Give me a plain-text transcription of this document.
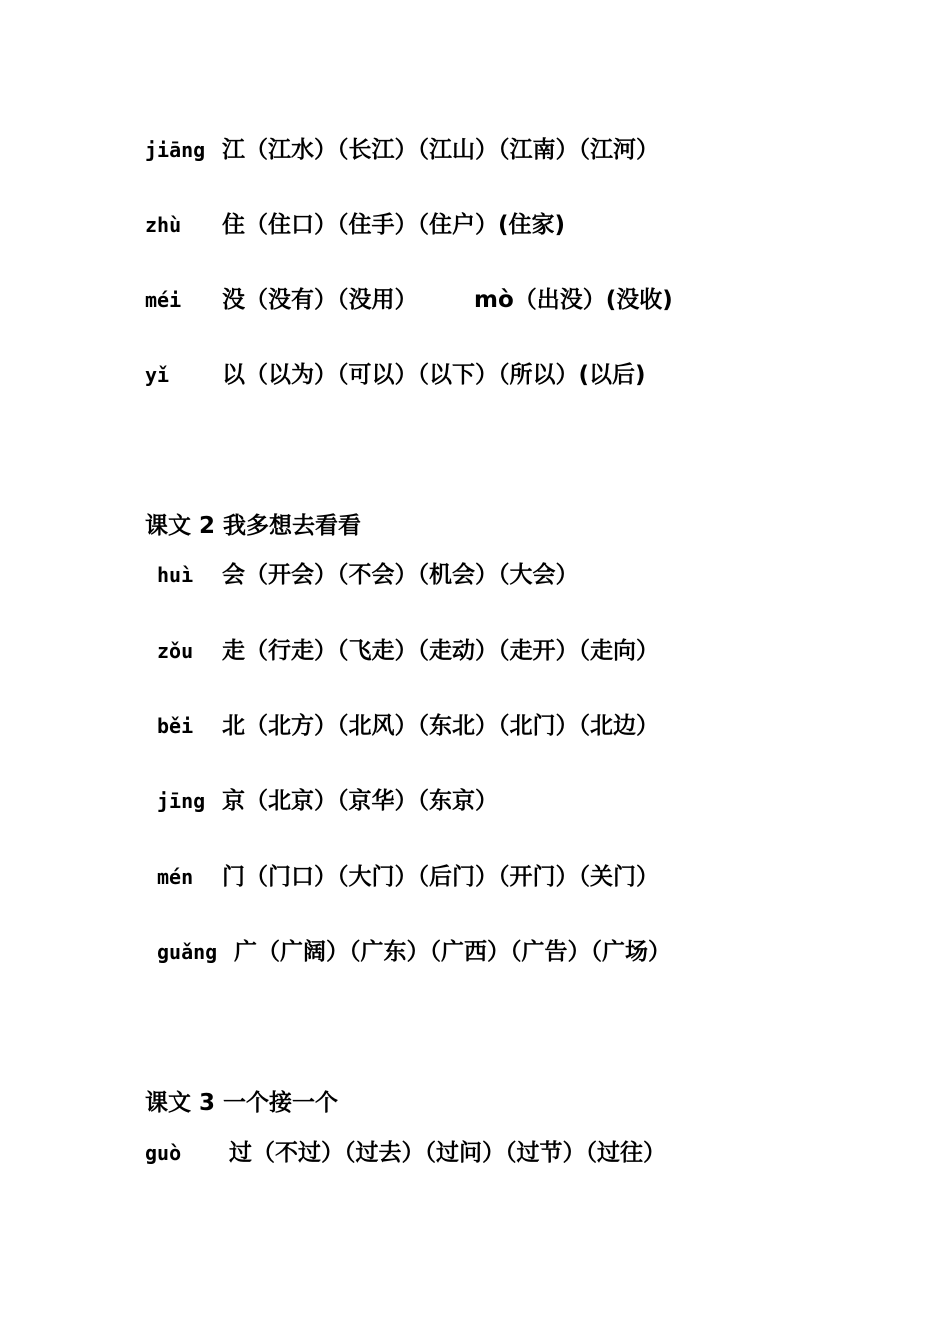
jiāng 江（江水）（长江）（江山）（江南）（江河）
zhù 住（住口）（住手）（住户）(住家)
méi 没（没有）（没用） mò（出没）(没收)
yǐ 以（以为）（可以）（以下）（所以）(以后)
课文 2 我多想去看看
huì 会（开会）（不会）（机会）（大会）
zǒu 走（行走）（飞走）（走动）（走开）（走向）
běi 北（北方）（北风）（东北）（北门）（北边）
jīng 京（北京）（京华）（东京）
mén 门（门口）（大门）（后门）（开门）（关门）
guǎng 广（广阔）（广东）（广西）（广告）（广场）
课文 3 一个接一个
guò 过（不过）（过去）（过问）（过节）（过往）
